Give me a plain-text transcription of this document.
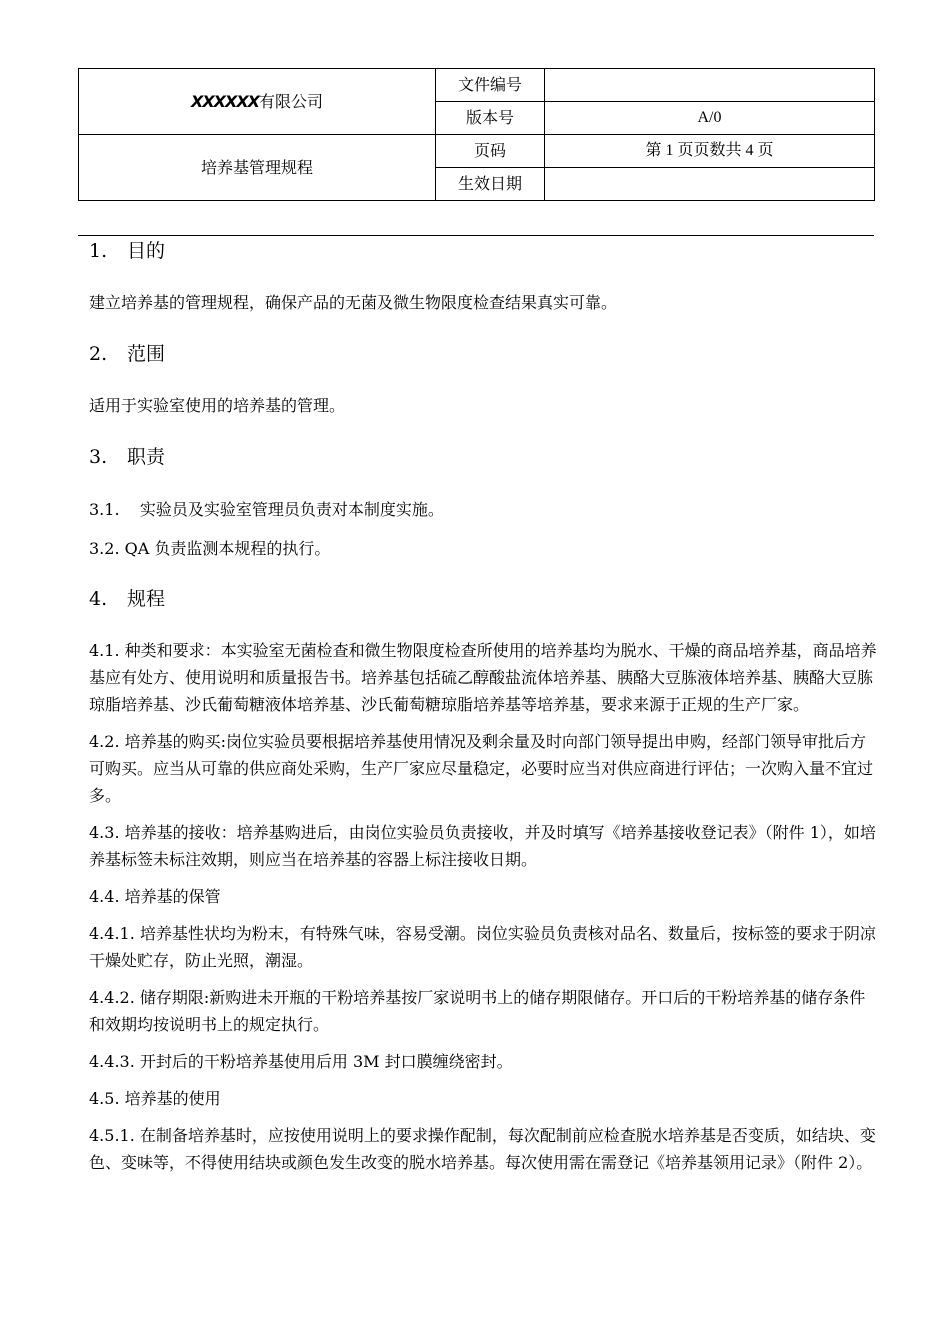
XXXXXX有限公司	文件编号	
	版本号	A/0
培养基管理规程	页码	第 1 页页数共 4 页
	生效日期	
1. 目的

建立培养基的管理规程，确保产品的无菌及微生物限度检查结果真实可靠。

2. 范围

适用于实验室使用的培养基的管理。

3. 职责

3.1.    实验员及实验室管理员负责对本制度实施。

3.2. QA 负责监测本规程的执行。

4. 规程

4.1. 种类和要求：本实验室无菌检查和微生物限度检查所使用的培养基均为脱水、干燥的商品培养基，商品培养基应有处方、使用说明和质量报告书。培养基包括硫乙醇酸盐流体培养基、胰酪大豆胨液体培养基、胰酪大豆胨琼脂培养基、沙氏葡萄糖液体培养基、沙氏葡萄糖琼脂培养基等培养基，要求来源于正规的生产厂家。

4.2. 培养基的购买:岗位实验员要根据培养基使用情况及剩余量及时向部门领导提出申购，经部门领导审批后方可购买。应当从可靠的供应商处采购，生产厂家应尽量稳定，必要时应当对供应商进行评估；一次购入量不宜过多。

4.3. 培养基的接收：培养基购进后，由岗位实验员负责接收，并及时填写《培养基接收登记表》（附件 1），如培养基标签未标注效期，则应当在培养基的容器上标注接收日期。

4.4. 培养基的保管

4.4.1. 培养基性状均为粉末，有特殊气味，容易受潮。岗位实验员负责核对品名、数量后，按标签的要求于阴凉干燥处贮存，防止光照，潮湿。

4.4.2. 储存期限:新购进未开瓶的干粉培养基按厂家说明书上的储存期限储存。开口后的干粉培养基的储存条件和效期均按说明书上的规定执行。

4.4.3. 开封后的干粉培养基使用后用 3M 封口膜缠绕密封。

4.5. 培养基的使用

4.5.1. 在制备培养基时，应按使用说明上的要求操作配制，每次配制前应检查脱水培养基是否变质，如结块、变色、变味等，不得使用结块或颜色发生改变的脱水培养基。每次使用需在需登记《培养基领用记录》（附件 2）。
